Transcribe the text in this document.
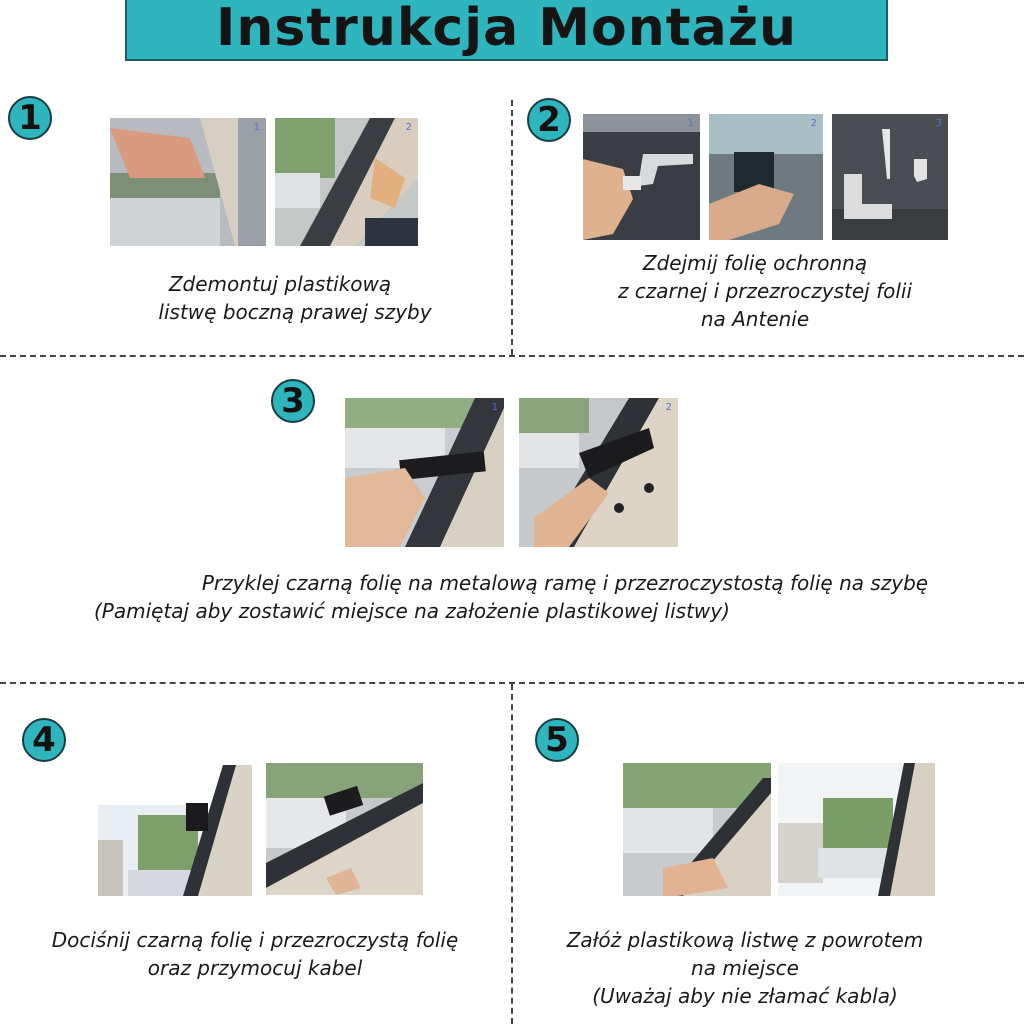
Instrukcja Montażu
1	1	2
Zdemontuj plastikową
listwę boczną prawej szyby
2	1	2	3
Zdejmij folię ochronną
z czarnej i przezroczystej folii
na Antenie
3	1	2
Przyklej czarną folię na metalową ramę i przezroczystostą folię na szybę
(Pamiętaj aby zostawić miejsce na założenie plastikowej listwy)
4
Dociśnij czarną folię i przezroczystą folię
oraz przymocuj kabel
5
Załóż plastikową listwę z powrotem
na miejsce
(Uważaj aby nie złamać kabla)
